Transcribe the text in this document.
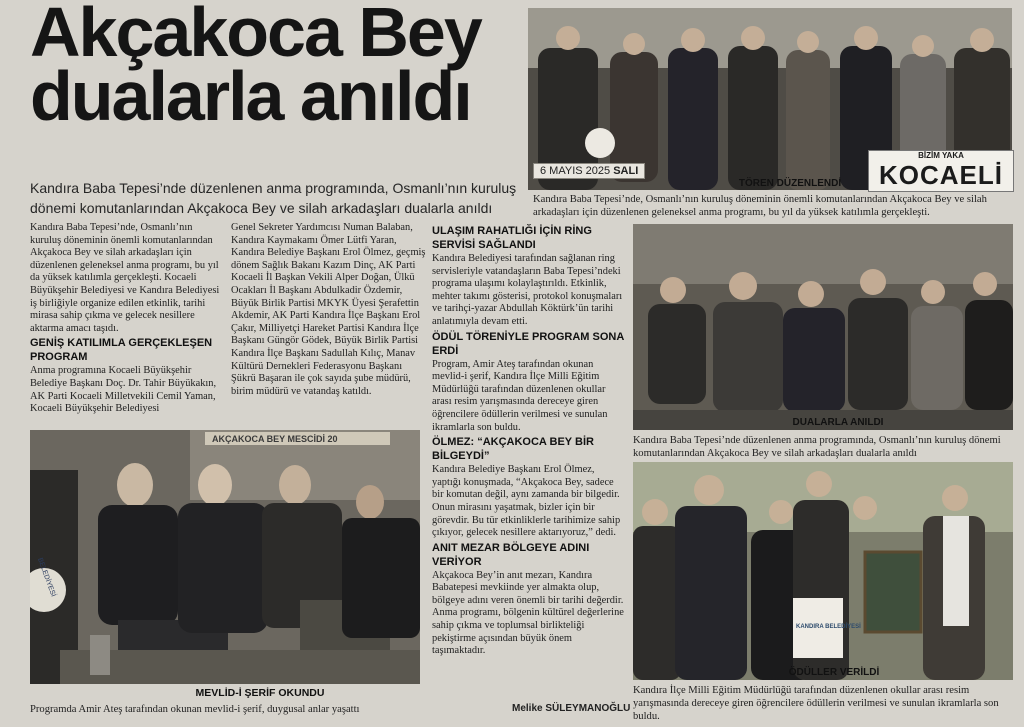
Akçakoca Bey
dualarla anıldı
Kandıra Baba Tepesi’nde düzenlenen anma programında, Osmanlı’nın kuruluş dönemi komutanlarından Akçakoca Bey ve silah arkadaşları dualarla anıldı

Kandıra Baba Tepesi’nde, Osmanlı’nın kuruluş döneminin önemli komutanlarından Akçakoca Bey ve silah arkadaşları için düzenlenen geleneksel anma programı, bu yıl da yüksek katılımla gerçekleşti. Kocaeli Büyükşehir Belediyesi ve Kandıra Belediyesi iş birliğiyle organize edilen etkinlik, tarihi mirasa sahip çıkma ve gelecek nesillere aktarma amacı taşıdı.

GENİŞ KATILIMLA GERÇEKLEŞEN PROGRAM

Anma programına Kocaeli Büyükşehir Belediye Başkanı Doç. Dr. Tahir Büyükakın, AK Parti Kocaeli Milletvekili Cemil Yaman, Kocaeli Büyükşehir Belediyesi

Genel Sekreter Yardımcısı Numan Balaban, Kandıra Kaymakamı Ömer Lütfi Yaran, Kandıra Belediye Başkanı Erol Ölmez, geçmiş dönem Sağlık Bakanı Kazım Dinç, AK Parti Kocaeli İl Başkan Vekili Alper Doğan, Ülkü Ocakları İl Başkanı Abdulkadir Özdemir, Büyük Birlik Partisi MKYK Üyesi Şerafettin Akdemir, AK Parti Kandıra İlçe Başkanı Erol Çakır, Milliyetçi Hareket Partisi Kandıra İlçe Başkanı Güngör Gödek, Büyük Birlik Partisi Kandıra İlçe Başkanı Sadullah Kılıç, Manav Kültürü Dernekleri Federasyonu Başkanı Şükrü Başaran ile çok sayıda şube müdürü, birim müdürü ve vatandaş katıldı.

ULAŞIM RAHATLIĞI İÇİN RİNG SERVİSİ SAĞLANDI

Kandıra Belediyesi tarafından sağlanan ring servisleriyle vatandaşların Baba Tepesi’ndeki programa ulaşımı kolaylaştırıldı. Etkinlik, mehter takımı gösterisi, protokol konuşmaları ve tarihçi-yazar Abdullah Köktürk’ün tarihi anlatımıyla devam etti.

ÖDÜL TÖRENİYLE PROGRAM SONA ERDİ

Program, Amir Ateş tarafından okunan mevlid-i şerif, Kandıra İlçe Milli Eğitim Müdürlüğü tarafından düzenlenen okullar arası resim yarışmasında dereceye giren öğrencilere ödüllerin verilmesi ve sunulan ikramlarla son buldu.

ÖLMEZ: “AKÇAKOCA BEY BİR BİLGEYDİ”

Kandıra Belediye Başkanı Erol Ölmez, yaptığı konuşmada, “Akçakoca Bey, sadece bir komutan değil, aynı zamanda bir bilgedir. Onun mirasını yaşatmak, bizler için bir görevdir. Bu tür etkinliklerle tarihimize sahip çıkıyor, gelecek nesillere aktarıyoruz,” dedi.

ANIT MEZAR BÖLGEYE ADINI VERİYOR

Akçakoca Bey’in anıt mezarı, Kandıra Babatepesi mevkiinde yer almakta olup, bölgeye adını veren önemli bir tarihi değerdir. Anma programı, bölgenin kültürel değerlerine sahip çıkma ve toplumsal birlikteliği pekiştirme açısından büyük önem taşımaktadır.

Melike SÜLEYMANOĞLU
AKÇAKOCA BEY MESCİDİ 20
BELEDİYESİ
MEVLİD-İ ŞERİF OKUNDU
Programda Amir Ateş tarafından okunan mevlid-i şerif, duygusal anlar yaşattı
6 MAYIS 2025 SALI
BİZİM YAKA
KOCAELİ
TÖREN DÜZENLENDİ
Kandıra Baba Tepesi’nde, Osmanlı’nın kuruluş döneminin önemli komutanlarından Akçakoca Bey ve silah arkadaşları için düzenlenen geleneksel anma programı, bu yıl da yüksek katılımla gerçekleşti.
DUALARLA ANILDI
Kandıra Baba Tepesi’nde düzenlenen anma programında, Osmanlı’nın kuruluş dönemi komutanlarından Akçakoca Bey ve silah arkadaşları dualarla anıldı
KANDIRA BELEDİYESİ
ÖDÜLLER VERİLDİ
Kandıra İlçe Milli Eğitim Müdürlüğü tarafından düzenlenen okullar arası resim yarışmasında dereceye giren öğrencilere ödüllerin verilmesi ve sunulan ikramlarla son buldu.
